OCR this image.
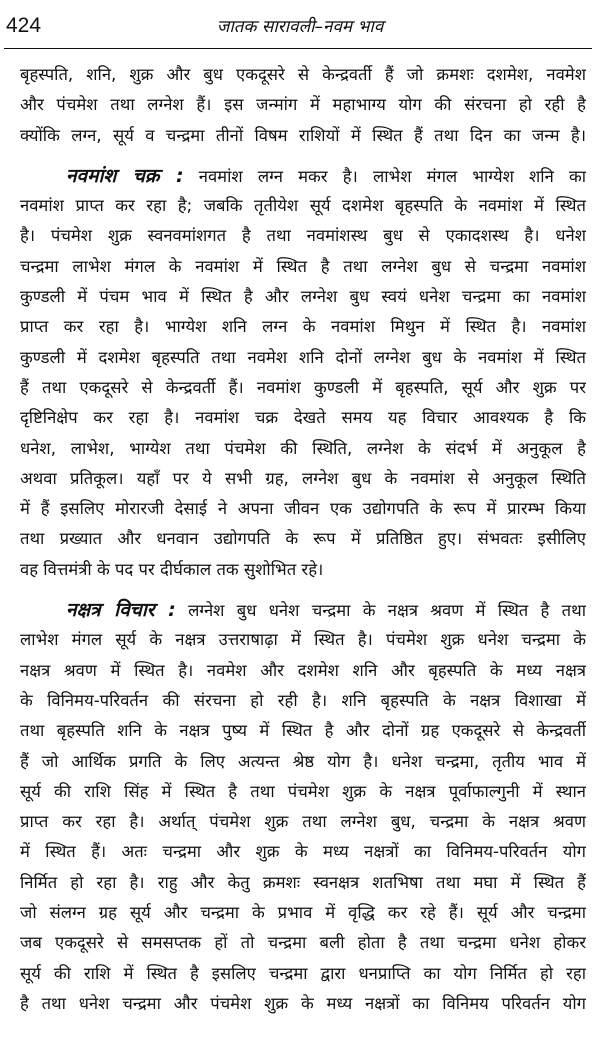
424	जातक सारावली–नवम भाव
बृहस्पति, शनि, शुक्र और बुध एकदूसरे से केन्द्रवर्ती हैं जो क्रमशः दशमेश, नवमेश
और पंचमेश तथा लग्नेश हैं। इस जन्मांग में महाभाग्य योग की संरचना हो रही है
क्योंकि लग्न, सूर्य व चन्द्रमा तीनों विषम राशियों में स्थित हैं तथा दिन का जन्म है।
नवमांश चक्र : नवमांश लग्न मकर है। लाभेश मंगल भाग्येश शनि का
नवमांश प्राप्त कर रहा है; जबकि तृतीयेश सूर्य दशमेश बृहस्पति के नवमांश में स्थित
है। पंचमेश शुक्र स्वनवमांशगत है तथा नवमांशस्थ बुध से एकादशस्थ है। धनेश
चन्द्रमा लाभेश मंगल के नवमांश में स्थित है तथा लग्नेश बुध से चन्द्रमा नवमांश
कुण्डली में पंचम भाव में स्थित है और लग्नेश बुध स्वयं धनेश चन्द्रमा का नवमांश
प्राप्त कर रहा है। भाग्येश शनि लग्न के नवमांश मिथुन में स्थित है। नवमांश
कुण्डली में दशमेश बृहस्पति तथा नवमेश शनि दोनों लग्नेश बुध के नवमांश में स्थित
हैं तथा एकदूसरे से केन्द्रवर्ती हैं। नवमांश कुण्डली में बृहस्पति, सूर्य और शुक्र पर
दृष्टिनिक्षेप कर रहा है। नवमांश चक्र देखते समय यह विचार आवश्यक है कि
धनेश, लाभेश, भाग्येश तथा पंचमेश की स्थिति, लग्नेश के संदर्भ में अनुकूल है
अथवा प्रतिकूल। यहाँ पर ये सभी ग्रह, लग्नेश बुध के नवमांश से अनुकूल स्थिति
में हैं इसलिए मोरारजी देसाई ने अपना जीवन एक उद्योगपति के रूप में प्रारम्भ किया
तथा प्रख्यात और धनवान उद्योगपति के रूप में प्रतिष्ठित हुए। संभवतः इसीलिए
वह वित्तमंत्री के पद पर दीर्घकाल तक सुशोभित रहे।
नक्षत्र विचार : लग्नेश बुध धनेश चन्द्रमा के नक्षत्र श्रवण में स्थित है तथा
लाभेश मंगल सूर्य के नक्षत्र उत्तराषाढ़ा में स्थित है। पंचमेश शुक्र धनेश चन्द्रमा के
नक्षत्र श्रवण में स्थित है। नवमेश और दशमेश शनि और बृहस्पति के मध्य नक्षत्र
के विनिमय-परिवर्तन की संरचना हो रही है। शनि बृहस्पति के नक्षत्र विशाखा में
तथा बृहस्पति शनि के नक्षत्र पुष्य में स्थित है और दोनों ग्रह एकदूसरे से केन्द्रवर्ती
हैं जो आर्थिक प्रगति के लिए अत्यन्त श्रेष्ठ योग है। धनेश चन्द्रमा, तृतीय भाव में
सूर्य की राशि सिंह में स्थित है तथा पंचमेश शुक्र के नक्षत्र पूर्वाफाल्गुनी में स्थान
प्राप्त कर रहा है। अर्थात् पंचमेश शुक्र तथा लग्नेश बुध, चन्द्रमा के नक्षत्र श्रवण
में स्थित हैं। अतः चन्द्रमा और शुक्र के मध्य नक्षत्रों का विनिमय-परिवर्तन योग
निर्मित हो रहा है। राहु और केतु क्रमशः स्वनक्षत्र शतभिषा तथा मघा में स्थित हैं
जो संलग्न ग्रह सूर्य और चन्द्रमा के प्रभाव में वृद्धि कर रहे हैं। सूर्य और चन्द्रमा
जब एकदूसरे से समसप्तक हों तो चन्द्रमा बली होता है तथा चन्द्रमा धनेश होकर
सूर्य की राशि में स्थित है इसलिए चन्द्रमा द्वारा धनप्राप्ति का योग निर्मित हो रहा
है तथा धनेश चन्द्रमा और पंचमेश शुक्र के मध्य नक्षत्रों का विनिमय परिवर्तन योग
